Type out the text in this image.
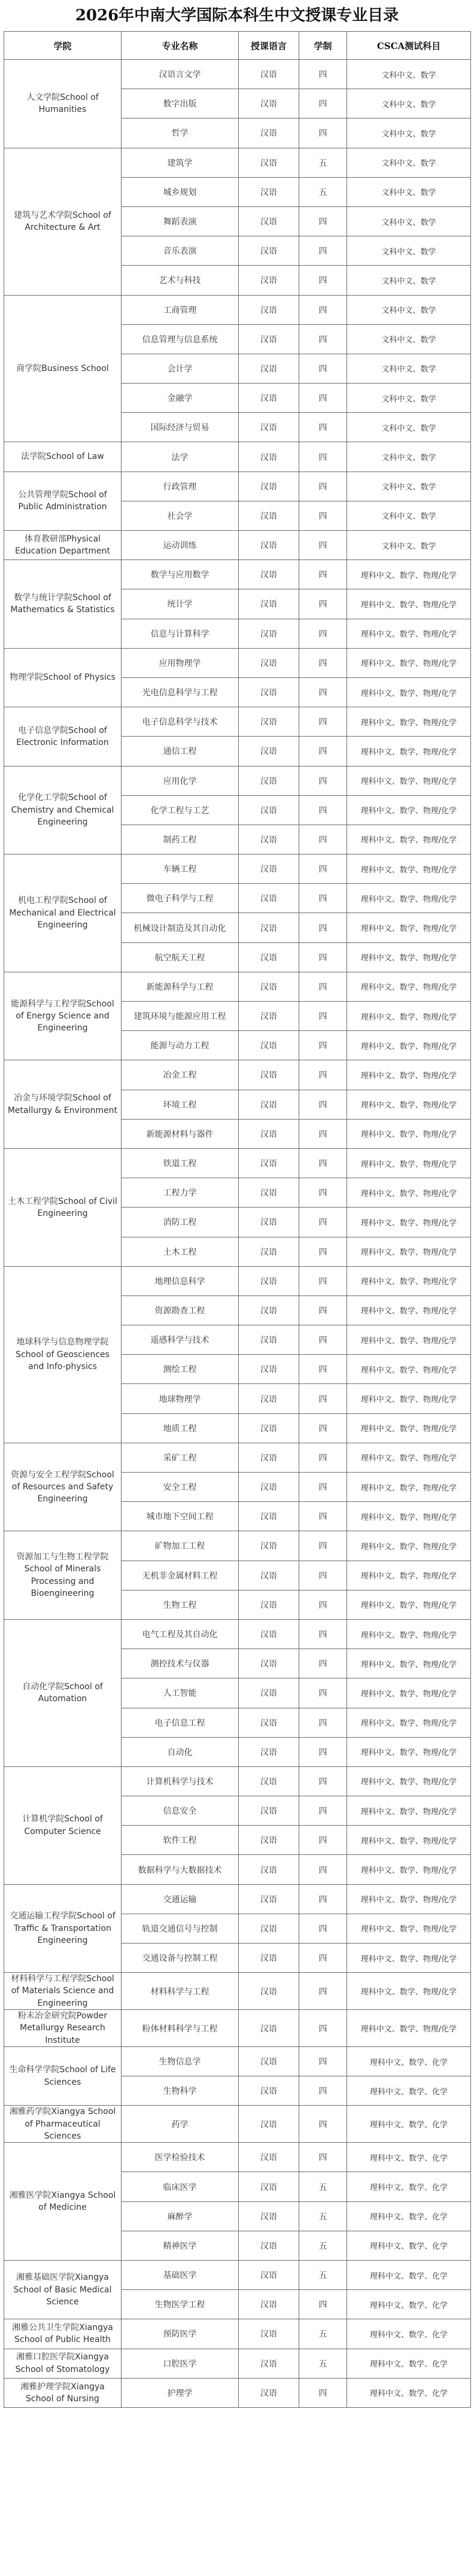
2026年中南大学国际本科生中文授课专业目录
学院	专业名称	授课语言	学制	CSCA测试科目
人文学院School of Humanities	汉语言文学	汉语	四	文科中文、数学
	数字出版	汉语	四	文科中文、数学
	哲学	汉语	四	文科中文、数学
建筑与艺术学院School of Architecture & Art	建筑学	汉语	五	文科中文、数学
	城乡规划	汉语	五	文科中文、数学
	舞蹈表演	汉语	四	文科中文、数学
	音乐表演	汉语	四	文科中文、数学
	艺术与科技	汉语	四	文科中文、数学
商学院Business School	工商管理	汉语	四	文科中文、数学
	信息管理与信息系统	汉语	四	文科中文、数学
	会计学	汉语	四	文科中文、数学
	金融学	汉语	四	文科中文、数学
	国际经济与贸易	汉语	四	文科中文、数学
法学院School of Law	法学	汉语	四	文科中文、数学
公共管理学院School of Public Administration	行政管理	汉语	四	文科中文、数学
	社会学	汉语	四	文科中文、数学
体育教研部Physical Education Department	运动训练	汉语	四	文科中文、数学
数学与统计学院School of Mathematics & Statistics	数学与应用数学	汉语	四	理科中文、数学、物理/化学
	统计学	汉语	四	理科中文、数学、物理/化学
	信息与计算科学	汉语	四	理科中文、数学、物理/化学
物理学院School of Physics	应用物理学	汉语	四	理科中文、数学、物理/化学
	光电信息科学与工程	汉语	四	理科中文、数学、物理/化学
电子信息学院School of Electronic Information	电子信息科学与技术	汉语	四	理科中文、数学、物理/化学
	通信工程	汉语	四	理科中文、数学、物理/化学
化学化工学院School of Chemistry and Chemical Engineering	应用化学	汉语	四	理科中文、数学、物理/化学
	化学工程与工艺	汉语	四	理科中文、数学、物理/化学
	制药工程	汉语	四	理科中文、数学、物理/化学
机电工程学院School of Mechanical and Electrical Engineering	车辆工程	汉语	四	理科中文、数学、物理/化学
	微电子科学与工程	汉语	四	理科中文、数学、物理/化学
	机械设计制造及其自动化	汉语	四	理科中文、数学、物理/化学
	航空航天工程	汉语	四	理科中文、数学、物理/化学
能源科学与工程学院School of Energy Science and Engineering	新能源科学与工程	汉语	四	理科中文、数学、物理/化学
	建筑环境与能源应用工程	汉语	四	理科中文、数学、物理/化学
	能源与动力工程	汉语	四	理科中文、数学、物理/化学
冶金与环境学院School of Metallurgy & Environment	冶金工程	汉语	四	理科中文、数学、物理/化学
	环境工程	汉语	四	理科中文、数学、物理/化学
	新能源材料与器件	汉语	四	理科中文、数学、物理/化学
土木工程学院School of Civil Engineering	铁道工程	汉语	四	理科中文、数学、物理/化学
	工程力学	汉语	四	理科中文、数学、物理/化学
	消防工程	汉语	四	理科中文、数学、物理/化学
	土木工程	汉语	四	理科中文、数学、物理/化学
地球科学与信息物理学院School of Geosciences and Info-physics	地理信息科学	汉语	四	理科中文、数学、物理/化学
	资源勘查工程	汉语	四	理科中文、数学、物理/化学
	遥感科学与技术	汉语	四	理科中文、数学、物理/化学
	测绘工程	汉语	四	理科中文、数学、物理/化学
	地球物理学	汉语	四	理科中文、数学、物理/化学
	地质工程	汉语	四	理科中文、数学、物理/化学
资源与安全工程学院School of Resources and Safety Engineering	采矿工程	汉语	四	理科中文、数学、物理/化学
	安全工程	汉语	四	理科中文、数学、物理/化学
	城市地下空间工程	汉语	四	理科中文、数学、物理/化学
资源加工与生物工程学院School of Minerals Processing and Bioengineering	矿物加工工程	汉语	四	理科中文、数学、物理/化学
	无机非金属材料工程	汉语	四	理科中文、数学、物理/化学
	生物工程	汉语	四	理科中文、数学、物理/化学
自动化学院School of Automation	电气工程及其自动化	汉语	四	理科中文、数学、物理/化学
	测控技术与仪器	汉语	四	理科中文、数学、物理/化学
	人工智能	汉语	四	理科中文、数学、物理/化学
	电子信息工程	汉语	四	理科中文、数学、物理/化学
	自动化	汉语	四	理科中文、数学、物理/化学
计算机学院School of Computer Science	计算机科学与技术	汉语	四	理科中文、数学、物理/化学
	信息安全	汉语	四	理科中文、数学、物理/化学
	软件工程	汉语	四	理科中文、数学、物理/化学
	数据科学与大数据技术	汉语	四	理科中文、数学、物理/化学
交通运输工程学院School of Traffic & Transportation Engineering	交通运输	汉语	四	理科中文、数学、物理/化学
	轨道交通信号与控制	汉语	四	理科中文、数学、物理/化学
	交通设备与控制工程	汉语	四	理科中文、数学、物理/化学
材料科学与工程学院School of Materials Science and Engineering	材料科学与工程	汉语	四	理科中文、数学、物理/化学
粉末冶金研究院Powder Metallurgy Research Institute	粉体材料科学与工程	汉语	四	理科中文、数学、物理/化学
生命科学学院School of Life Sciences	生物信息学	汉语	四	理科中文、数学、化学
	生物科学	汉语	四	理科中文、数学、化学
湘雅药学院Xiangya School of Pharmaceutical Sciences	药学	汉语	四	理科中文、数学、化学
湘雅医学院Xiangya School of Medicine	医学检验技术	汉语	四	理科中文、数学、化学
	临床医学	汉语	五	理科中文、数学、化学
	麻醉学	汉语	五	理科中文、数学、化学
	精神医学	汉语	五	理科中文、数学、化学
湘雅基础医学院Xiangya School of Basic Medical Science	基础医学	汉语	五	理科中文、数学、化学
	生物医学工程	汉语	四	理科中文、数学、化学
湘雅公共卫生学院Xiangya School of Public Health	预防医学	汉语	五	理科中文、数学、化学
湘雅口腔医学院Xiangya School of Stomatology	口腔医学	汉语	五	理科中文、数学、化学
湘雅护理学院Xiangya School of Nursing	护理学	汉语	四	理科中文、数学、化学
